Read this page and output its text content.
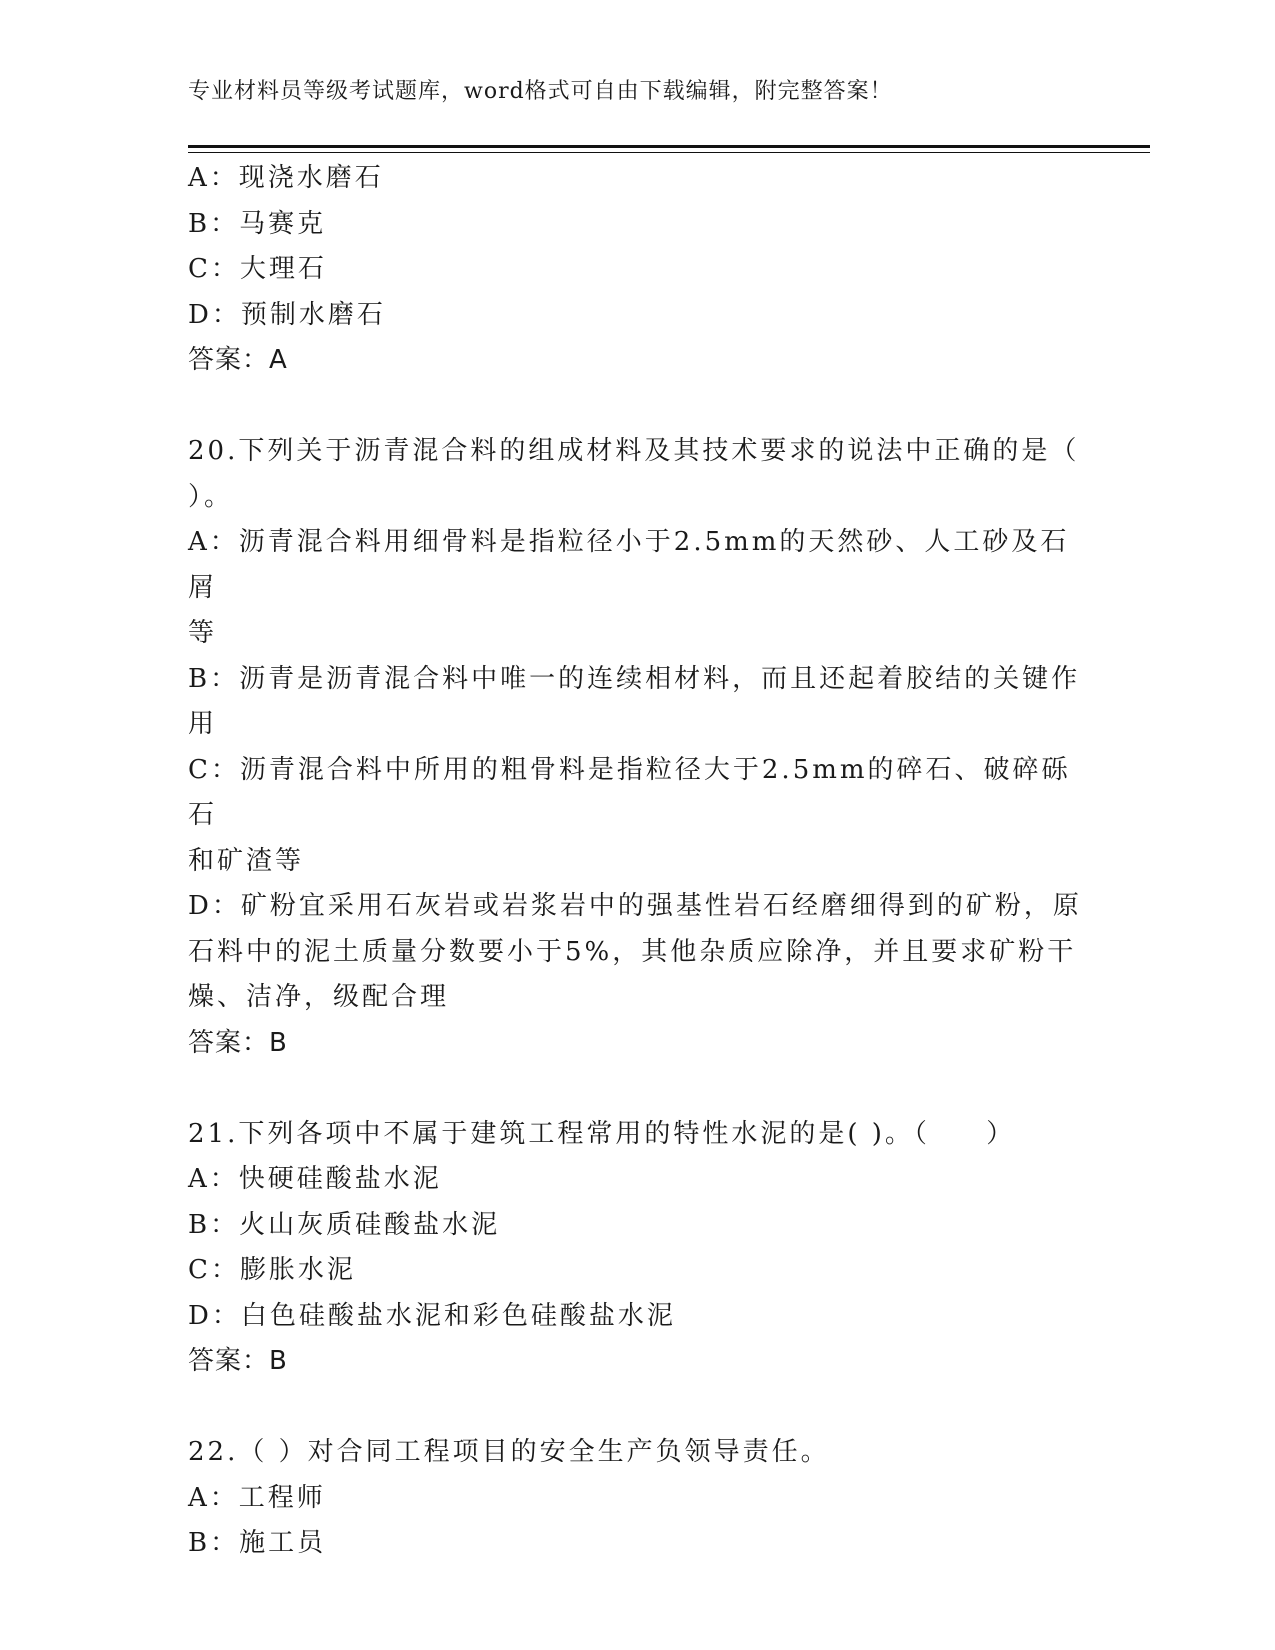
专业材料员等级考试题库，word格式可自由下载编辑，附完整答案！
A：现浇水磨石
B：马赛克
C：大理石
D：预制水磨石
答案：A
20.下列关于沥青混合料的组成材料及其技术要求的说法中正确的是（
）。
A：沥青混合料用细骨料是指粒径小于2.5mm的天然砂、人工砂及石屑
等
B：沥青是沥青混合料中唯一的连续相材料，而且还起着胶结的关键作
用
C：沥青混合料中所用的粗骨料是指粒径大于2.5mm的碎石、破碎砾石
和矿渣等
D：矿粉宜采用石灰岩或岩浆岩中的强基性岩石经磨细得到的矿粉，原
石料中的泥土质量分数要小于5%，其他杂质应除净，并且要求矿粉干
燥、洁净，级配合理
答案：B
21.下列各项中不属于建筑工程常用的特性水泥的是( )。（     ）
A：快硬硅酸盐水泥
B：火山灰质硅酸盐水泥
C：膨胀水泥
D：白色硅酸盐水泥和彩色硅酸盐水泥
答案：B
22.（ ）对合同工程项目的安全生产负领导责任。
A：工程师
B：施工员
